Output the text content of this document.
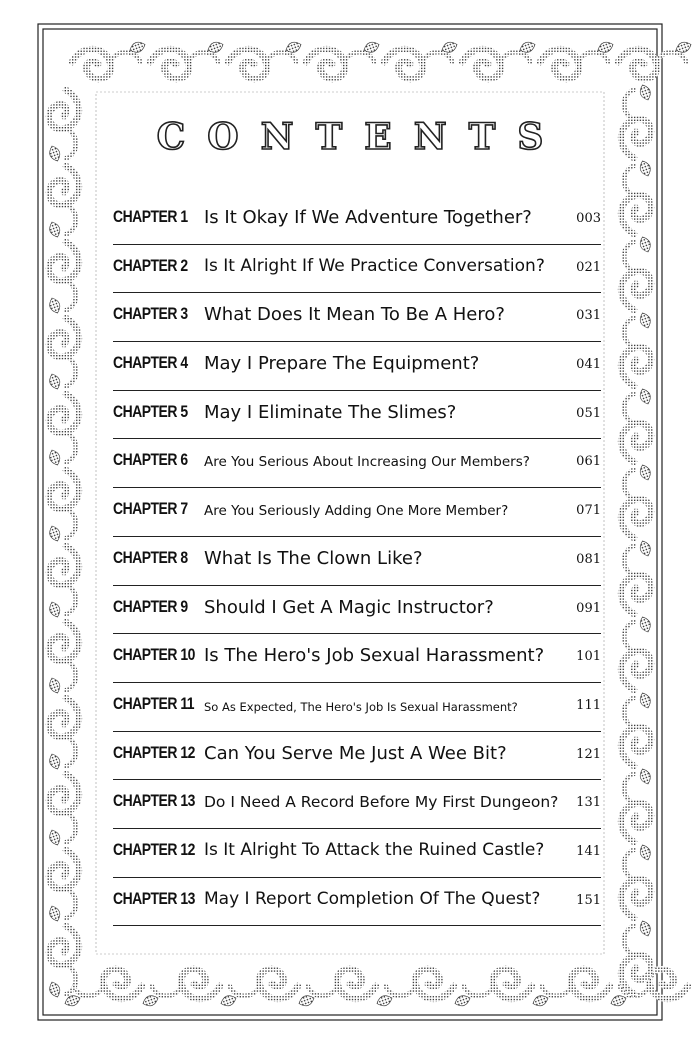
CONTENTS
CHAPTER 1 Is It Okay If We Adventure Together?	003
CHAPTER 2 Is It Alright If We Practice Conversation? 021
CHAPTER 3 What Does It Mean To Be A Hero?	031
CHAPTER 4 May I Prepare The Equipment?	041
CHAPTER 5 May I Eliminate The Slimes?	051
CHAPTER 6 Are You Serious About Increasing Our Members?	061
CHAPTER 7 Are You Seriously Adding One More Member?	071
CHAPTER 8 What Is The Clown Like?	081
CHAPTER 9 Should I Get A Magic Instructor?	091
CHAPTER 10 Is The Hero's Job Sexual Harassment? 101
CHAPTER 11 So As Expected, The Hero's Job Is Sexual Harassment?	111
CHAPTER 12 Can You Serve Me Just A Wee Bit?	121
CHAPTER 13 Do I Need A Record Before My First Dungeon? 131
CHAPTER 12 Is It Alright To Attack the Ruined Castle? 141
CHAPTER 13 May I Report Completion Of The Quest?	151
